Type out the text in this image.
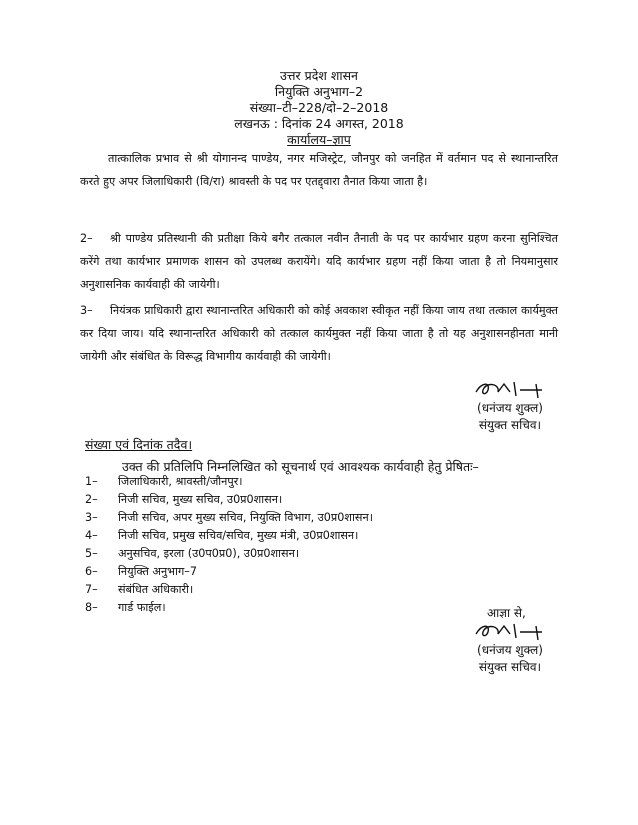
उत्तर प्रदेश शासन
नियुक्ति अनुभाग–2
संख्या–टी–228/दो–2–2018
लखनऊ : दिनांक 24 अगस्त, 2018
कार्यालय–ज्ञाप

तात्कालिक प्रभाव से श्री योगानन्द पाण्डेय, नगर मजिस्ट्रेट, जौनपुर को जनहित में वर्तमान पद से स्थानान्तरित करते हुए अपर जिलाधिकारी (वि/रा) श्रावस्ती के पद पर एतद्द्वारा तैनात किया जाता है।

2– श्री पाण्डेय प्रतिस्थानी की प्रतीक्षा किये बगैर तत्काल नवीन तैनाती के पद पर कार्यभार ग्रहण करना सुनिश्चित करेंगे तथा कार्यभार प्रमाणक शासन को उपलब्ध करायेंगे। यदि कार्यभार ग्रहण नहीं किया जाता है तो नियमानुसार अनुशासनिक कार्यवाही की जायेगी।

3– नियंत्रक प्राधिकारी द्वारा स्थानान्तरित अधिकारी को कोई अवकाश स्वीकृत नहीं किया जाय तथा तत्काल कार्यमुक्त कर दिया जाय। यदि स्थानान्तरित अधिकारी को तत्काल कार्यमुक्त नहीं किया जाता है तो यह अनुशासनहीनता मानी जायेगी और संबंधित के विरूद्ध विभागीय कार्यवाही की जायेगी।

(धनंजय शुक्ल)
संयुक्त सचिव।
संख्या एवं दिनांक तदैव।
उक्त की प्रतिलिपि निम्नलिखित को सूचनार्थ एवं आवश्यक कार्यवाही हेतु प्रेषितः–
1– जिलाधिकारी, श्रावस्ती/जौनपुर।
2– निजी सचिव, मुख्य सचिव, उ0प्र0शासन।
3– निजी सचिव, अपर मुख्य सचिव, नियुक्ति विभाग, उ0प्र0शासन।
4– निजी सचिव, प्रमुख सचिव/सचिव, मुख्य मंत्री, उ0प्र0शासन।
5– अनुसचिव, इरला (उ0प0प्र0), उ0प्र0शासन।
6– नियुक्ति अनुभाग–7
7– संबंधित अधिकारी।
8– गार्ड फाईल।	आज्ञा से,
(धनंजय शुक्ल)
संयुक्त सचिव।
